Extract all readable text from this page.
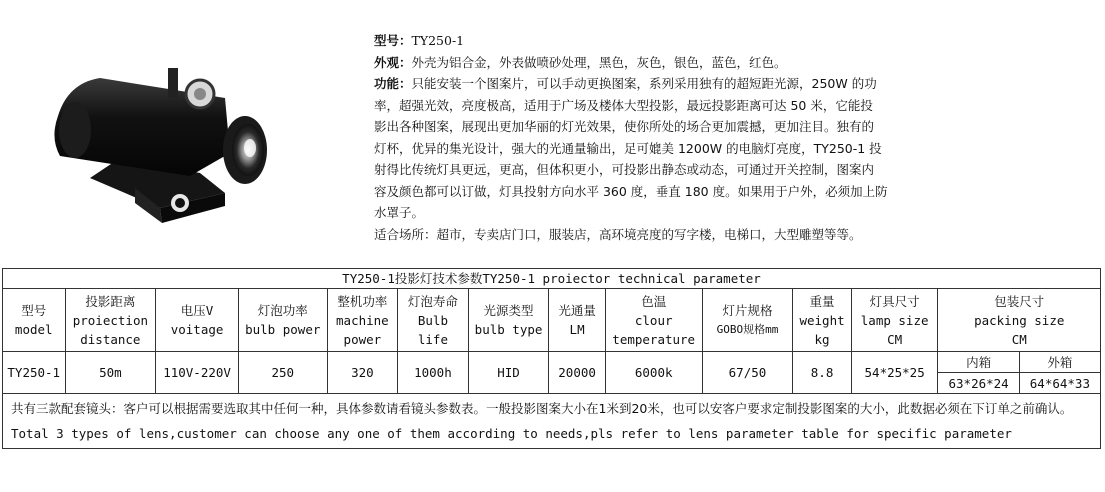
型号：TY250-1
外观：外壳为铝合金，外表做喷砂处理，黑色，灰色，银色，蓝色，红色。
功能：只能安装一个图案片，可以手动更换图案，系列采用独有的超短距光源，250W 的功
率，超强光效，亮度极高，适用于广场及楼体大型投影，最远投影距离可达 50 米，它能投
影出各种图案，展现出更加华丽的灯光效果，使你所处的场合更加震撼，更加注目。独有的
灯杯，优异的集光设计，强大的光通量输出，足可媲美 1200W 的电脑灯亮度，TY250-1 投
射得比传统灯具更远，更高，但体积更小，可投影出静态或动态，可通过开关控制，图案内
容及颜色都可以订做，灯具投射方向水平 360 度，垂直 180 度。如果用于户外，必须加上防
水罩子。
适合场所：超市，专卖店门口，服装店，高环境亮度的写字楼，电梯口，大型雕塑等等。
TY250-1投影灯技术参数TY250-1 proiector technical parameter												

型号
model	投影距离
proiection
distance	电压V
voitage	灯泡功率
bulb power	整机功率
machine
power	灯泡寿命
Bulb
life	光源类型
bulb type	光通量
LM	色温
clour
temperature	灯片规格
GOBO规格mm	重量
weight
kg	灯具尺寸
lamp size
CM	包装尺寸
packing size
CM

TY250-1	50m	110V-220V	250	320	1000h	HID	20000	6000k	67/50	8.8	54*25*25	内箱 外箱
63*26*24 64*64*33

共有三款配套镜头：客户可以根据需要选取其中任何一种，具体参数请看镜头参数表。一般投影图案大小在1米到20米，也可以安客户要求定制投影图案的大小，此数据必须在下订单之前确认。
Total 3 types of lens,customer can choose any one of them according to needs,pls refer to lens parameter table for specific parameter												
